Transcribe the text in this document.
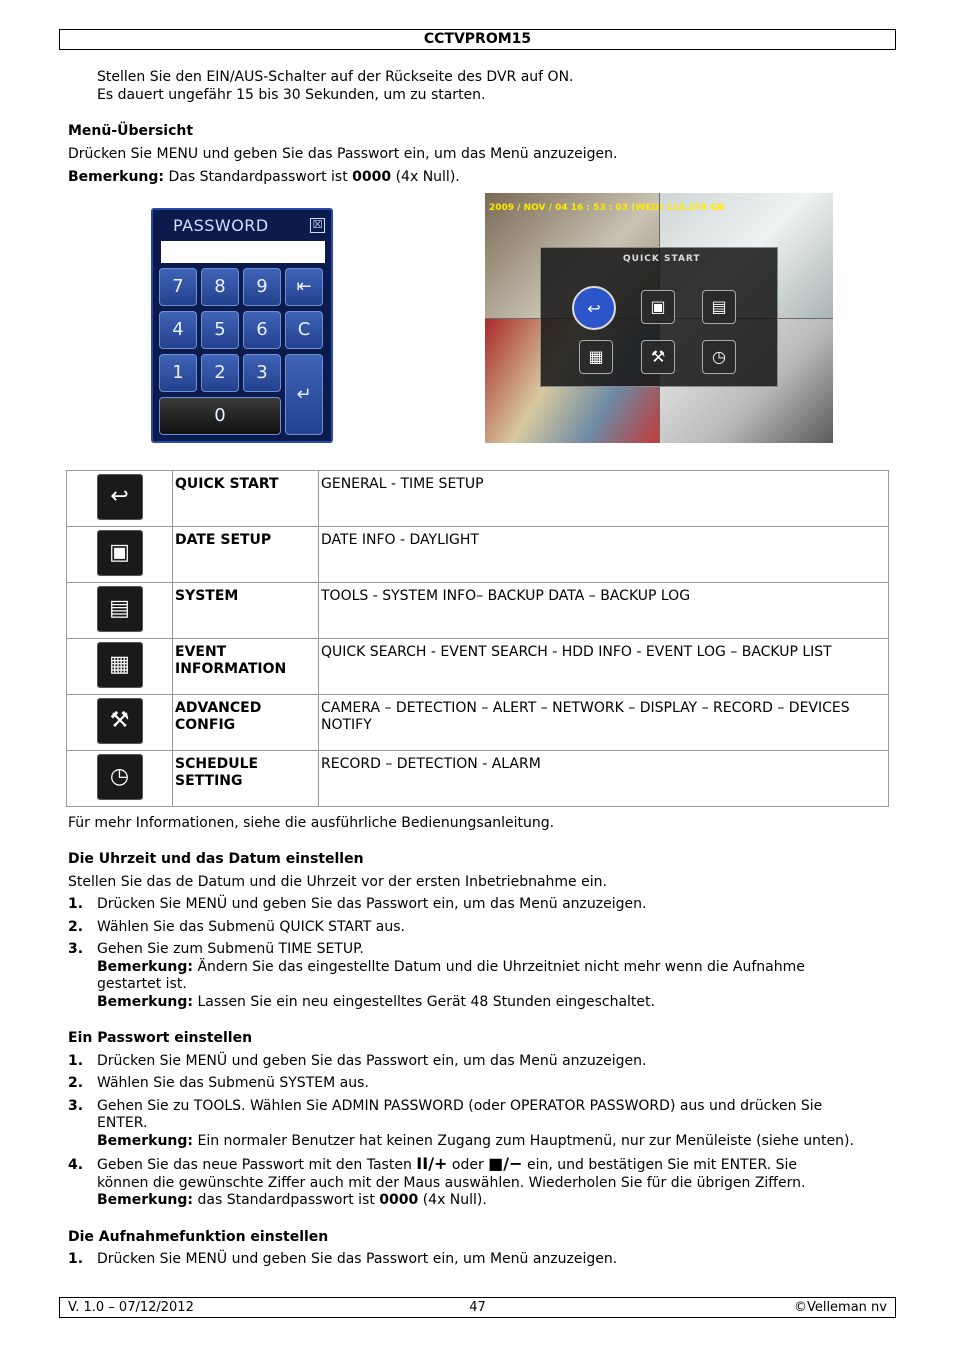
CCTVPROM15
Stellen Sie den EIN/AUS-Schalter auf der Rückseite des DVR auf ON.
Es dauert ungefähr 15 bis 30 Sekunden, um zu starten.
Menü-Übersicht
Drücken Sie MENU und geben Sie das Passwort ein, um das Menü anzuzeigen.
Bemerkung: Das Standardpasswort ist 0000 (4x Null).
PASSWORD	☒
7	8	9	⇤
4	5	6	C
1	2	3
↵
0
2009 / NOV / 04 16 : 53 : 03 (WED) 115.278 GB
QUICK START
↩	▣	▤
▦	⚒	◷
↩	QUICK START	GENERAL - TIME SETUP
▣	DATE SETUP	DATE INFO - DAYLIGHT
▤	SYSTEM	TOOLS - SYSTEM INFO– BACKUP DATA – BACKUP LOG
▦	EVENT INFORMATION	QUICK SEARCH - EVENT SEARCH - HDD INFO - EVENT LOG – BACKUP LIST
⚒	ADVANCED CONFIG	CAMERA – DETECTION – ALERT – NETWORK – DISPLAY – RECORD – DEVICES NOTIFY
◷	SCHEDULE SETTING	RECORD – DETECTION - ALARM
Für mehr Informationen, siehe die ausführliche Bedienungsanleitung.
Die Uhrzeit und das Datum einstellen
Stellen Sie das de Datum und die Uhrzeit vor der ersten Inbetriebnahme ein.
1. Drücken Sie MENÜ und geben Sie das Passwort ein, um das Menü anzuzeigen.
2. Wählen Sie das Submenü QUICK START aus.
3. Gehen Sie zum Submenü TIME SETUP.
Bemerkung: Ändern Sie das eingestellte Datum und die Uhrzeitniet nicht mehr wenn die Aufnahme
gestartet ist.
Bemerkung: Lassen Sie ein neu eingestelltes Gerät 48 Stunden eingeschaltet.
Ein Passwort einstellen
1. Drücken Sie MENÜ und geben Sie das Passwort ein, um das Menü anzuzeigen.
2. Wählen Sie das Submenü SYSTEM aus.
3. Gehen Sie zu TOOLS. Wählen Sie ADMIN PASSWORD (oder OPERATOR PASSWORD) aus und drücken Sie
ENTER.
Bemerkung: Ein normaler Benutzer hat keinen Zugang zum Hauptmenü, nur zur Menüleiste (siehe unten).
4. Geben Sie das neue Passwort mit den Tasten II/+ oder ■/− ein, und bestätigen Sie mit ENTER. Sie
können die gewünschte Ziffer auch mit der Maus auswählen. Wiederholen Sie für die übrigen Ziffern.
Bemerkung: das Standardpasswort ist 0000 (4x Null).
Die Aufnahmefunktion einstellen
1. Drücken Sie MENÜ und geben Sie das Passwort ein, um Menü anzuzeigen.
V. 1.0 – 07/12/2012	47	©Velleman nv
